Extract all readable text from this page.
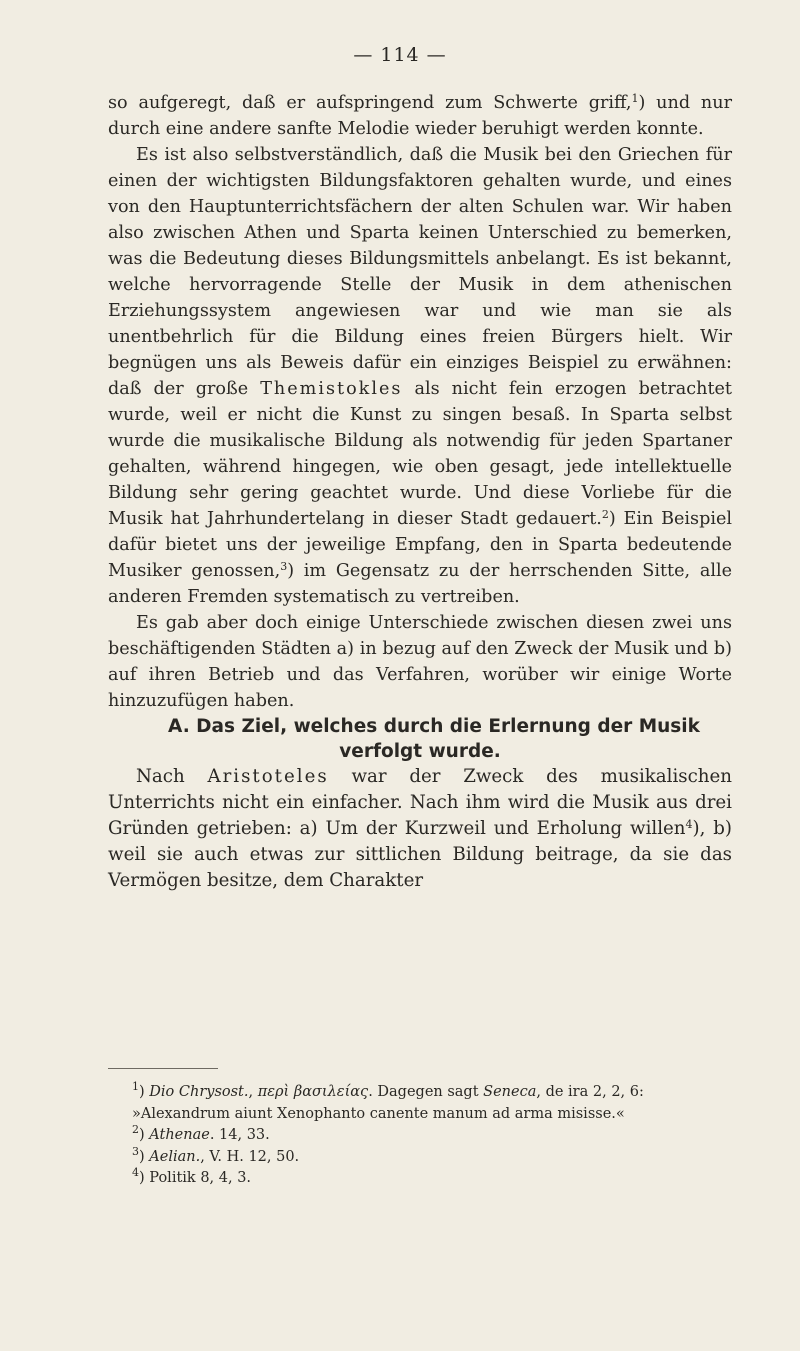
— 114 —

so aufgeregt, daß er aufspringend zum Schwerte griff,$^1$) und nur durch eine andere sanfte Melodie wieder beruhigt werden konnte.

Es ist also selbstverständlich, daß die Musik bei den Griechen für einen der wichtigsten Bildungsfaktoren gehalten wurde, und eines von den Hauptunterrichtsfächern der alten Schulen war. Wir haben also zwischen Athen und Sparta keinen Unterschied zu bemerken, was die Bedeutung dieses Bildungsmittels anbelangt. Es ist bekannt, welche hervorragende Stelle der Musik in dem athenischen Erziehungssystem angewiesen war und wie man sie als unentbehrlich für die Bildung eines freien Bürgers hielt. Wir begnügen uns als Beweis dafür ein einziges Beispiel zu erwähnen: daß der große Themistokles als nicht fein erzogen betrachtet wurde, weil er nicht die Kunst zu singen besaß. In Sparta selbst wurde die musikalische Bildung als notwendig für jeden Spartaner gehalten, während hingegen, wie oben gesagt, jede intellektuelle Bildung sehr gering geachtet wurde. Und diese Vorliebe für die Musik hat Jahrhundertelang in dieser Stadt gedauert.$^2$) Ein Beispiel dafür bietet uns der jeweilige Empfang, den in Sparta bedeutende Musiker genossen,$^3$) im Gegensatz zu der herrschenden Sitte, alle anderen Fremden systematisch zu vertreiben.

Es gab aber doch einige Unterschiede zwischen diesen zwei uns beschäftigenden Städten a) in bezug auf den Zweck der Musik und b) auf ihren Betrieb und das Verfahren, worüber wir einige Worte hinzuzufügen haben.

A. Das Ziel, welches durch die Erlernung der Musik verfolgt wurde.

Nach Aristoteles war der Zweck des musikalischen Unterrichts nicht ein einfacher. Nach ihm wird die Musik aus drei Gründen getrieben: a) Um der Kurzweil und Erholung willen$^4$), b) weil sie auch etwas zur sittlichen Bildung beitrage, da sie das Vermögen besitze, dem Charakter

$^1$) Dio Chrysost., περὶ βασιλείας. Dagegen sagt Seneca, de ira 2, 2, 6: »Alexandrum aiunt Xenophanto canente manum ad arma misisse.«

$^2$) Athenae. 14, 33.

$^3$) Aelian., V. H. 12, 50.

$^4$) Politik 8, 4, 3.
